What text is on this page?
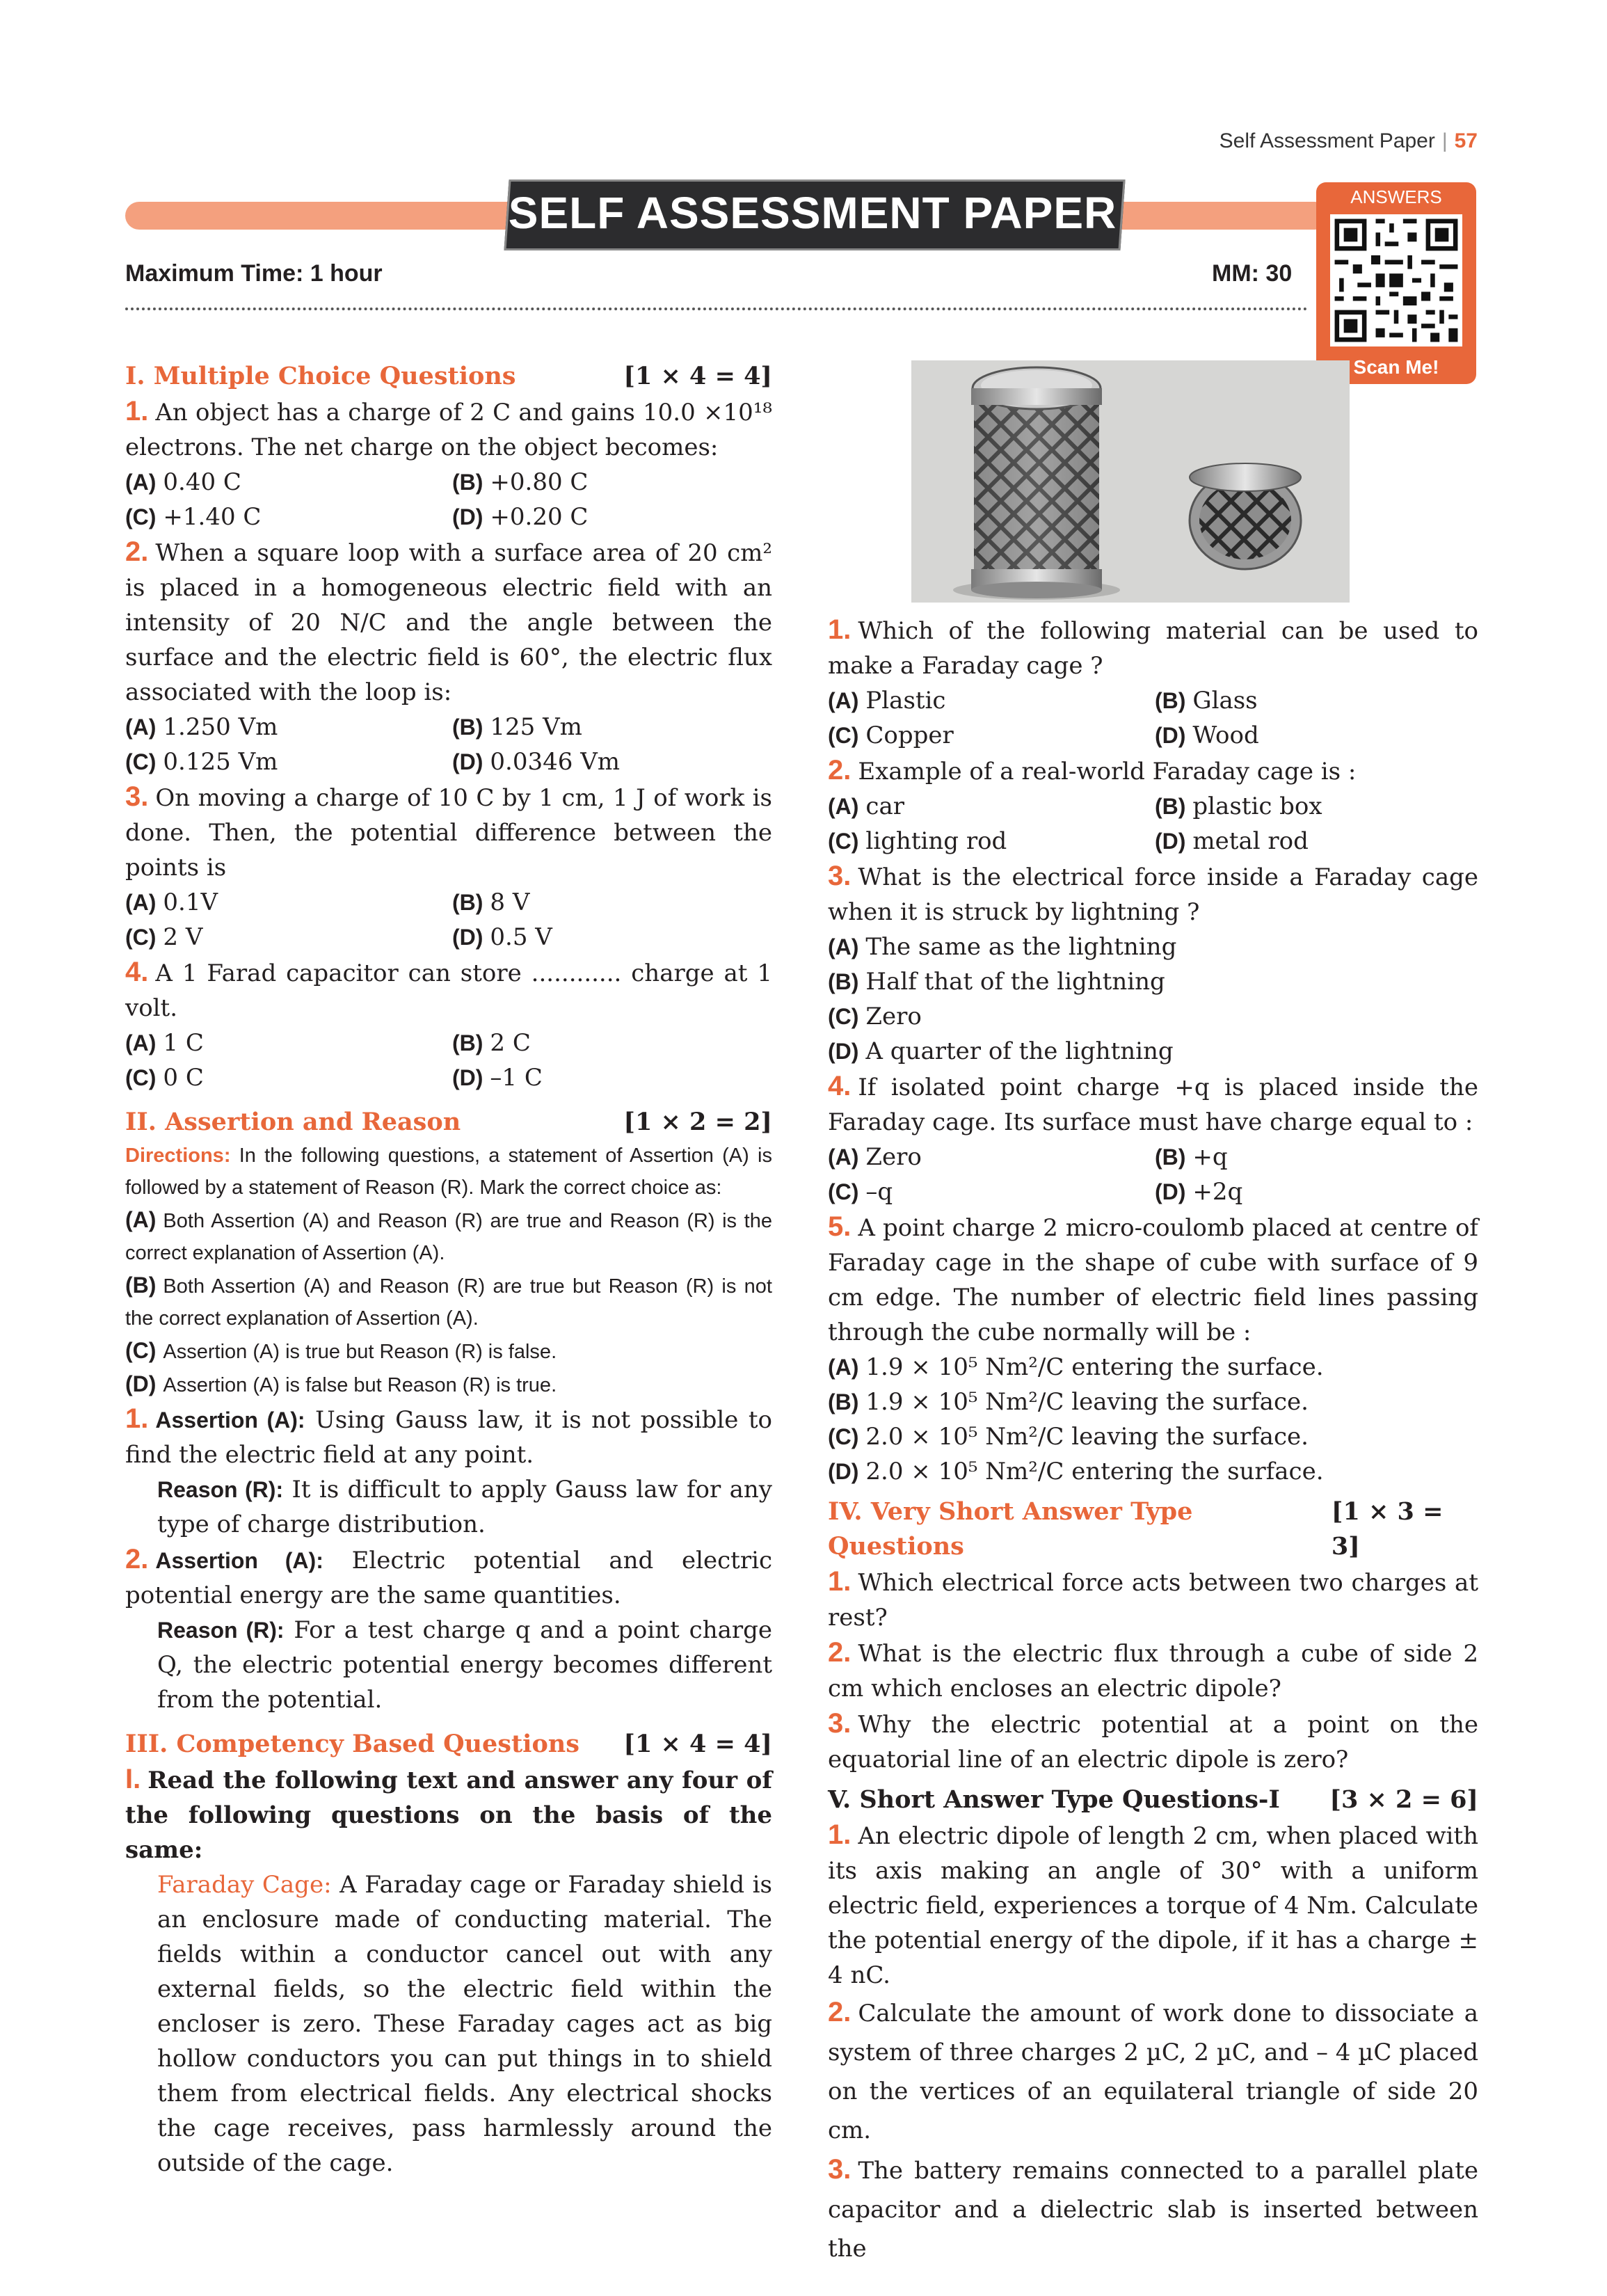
Self Assessment Paper | 57
SELF ASSESSMENT PAPER 1
ANSWERS
Scan Me!
Maximum Time: 1 hour	MM: 30
I. Multiple Choice Questions	[1 × 4 = 4]
1. An object has a charge of 2 C and gains 10.0 ×10¹⁸ electrons. The net charge on the object becomes:
(A) 0.40 C	(B) +0.80 C
(C) +1.40 C	(D) +0.20 C
2. When a square loop with a surface area of 20 cm² is placed in a homogeneous electric field with an intensity of 20 N/C and the angle between the surface and the electric field is 60°, the electric flux associated with the loop is:
(A) 1.250 Vm	(B) 125 Vm
(C) 0.125 Vm	(D) 0.0346 Vm
3. On moving a charge of 10 C by 1 cm, 1 J of work is done. Then, the potential difference between the points is
(A) 0.1V	(B) 8 V
(C) 2 V	(D) 0.5 V
4. A 1 Farad capacitor can store ............ charge at 1 volt.
(A) 1 C	(B) 2 C
(C) 0 C	(D) –1 C
II. Assertion and Reason	[1 × 2 = 2]
Directions: In the following questions, a statement of Assertion (A) is followed by a statement of Reason (R). Mark the correct choice as:
(A) Both Assertion (A) and Reason (R) are true and Reason (R) is the correct explanation of Assertion (A).
(B) Both Assertion (A) and Reason (R) are true but Reason (R) is not the correct explanation of Assertion (A).
(C) Assertion (A) is true but Reason (R) is false.
(D) Assertion (A) is false but Reason (R) is true.
1. Assertion (A): Using Gauss law, it is not possible to find the electric field at any point.
Reason (R): It is difficult to apply Gauss law for any type of charge distribution.
2. Assertion (A): Electric potential and electric potential energy are the same quantities.
Reason (R): For a test charge q and a point charge Q, the electric potential energy becomes different from the potential.
III. Competency Based Questions [1 × 4 = 4]
I. Read the following text and answer any four of the following questions on the basis of the same:
Faraday Cage: A Faraday cage or Faraday shield is an enclosure made of conducting material. The fields within a conductor cancel out with any external fields, so the electric field within the encloser is zero. These Faraday cages act as big hollow conductors you can put things in to shield them from electrical fields. Any electrical shocks the cage receives, pass harmlessly around the outside of the cage.
1. Which of the following material can be used to make a Faraday cage ?
(A) Plastic	(B) Glass
(C) Copper	(D) Wood
2. Example of a real-world Faraday cage is :
(A) car	(B) plastic box
(C) lighting rod	(D) metal rod
3. What is the electrical force inside a Faraday cage when it is struck by lightning ?
(A) The same as the lightning
(B) Half that of the lightning
(C) Zero
(D) A quarter of the lightning
4. If isolated point charge +q is placed inside the Faraday cage. Its surface must have charge equal to :
(A) Zero	(B) +q
(C) –q	(D) +2q
5. A point charge 2 micro-coulomb placed at centre of Faraday cage in the shape of cube with surface of 9 cm edge. The number of electric field lines passing through the cube normally will be :
(A) 1.9 × 10⁵ Nm²/C entering the surface.
(B) 1.9 × 10⁵ Nm²/C leaving the surface.
(C) 2.0 × 10⁵ Nm²/C leaving the surface.
(D) 2.0 × 10⁵ Nm²/C entering the surface.
IV. Very Short Answer Type Questions
[1 × 3 = 3]
1. Which electrical force acts between two charges at rest?
2. What is the electric flux through a cube of side 2 cm which encloses an electric dipole?
3. Why the electric potential at a point on the equatorial line of an electric dipole is zero?
V. Short Answer Type Questions-I [3 × 2 = 6]
1. An electric dipole of length 2 cm, when placed with its axis making an angle of 30° with a uniform electric field, experiences a torque of 4 Nm. Calculate the potential energy of the dipole, if it has a charge ± 4 nC.
2. Calculate the amount of work done to dissociate a system of three charges 2 µC, 2 µC, and – 4 µC placed on the vertices of an equilateral triangle of side 20 cm.
3. The battery remains connected to a parallel plate capacitor and a dielectric slab is inserted between the
